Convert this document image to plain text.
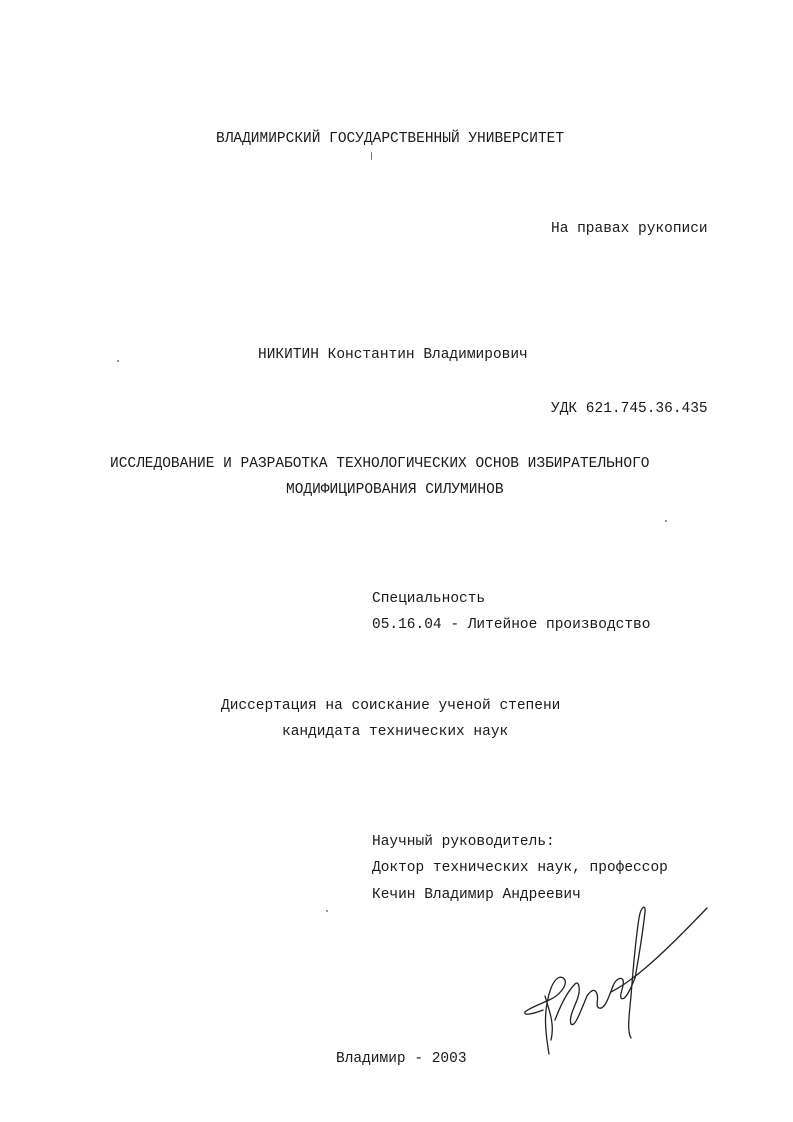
ВЛАДИМИРСКИЙ ГОСУДАРСТВЕННЫЙ УНИВЕРСИТЕТ
На правах рукописи
НИКИТИН Константин Владимирович
УДК 621.745.36.435
ИССЛЕДОВАНИЕ И РАЗРАБОТКА ТЕХНОЛОГИЧЕСКИХ ОСНОВ ИЗБИРАТЕЛЬНОГО
МОДИФИЦИРОВАНИЯ СИЛУМИНОВ
Специальность
05.16.04 - Литейное производство
Диссертация на соискание ученой степени
кандидата технических наук
Научный руководитель:
Доктор технических наук, профессор
Кечин Владимир Андреевич
Владимир - 2003
